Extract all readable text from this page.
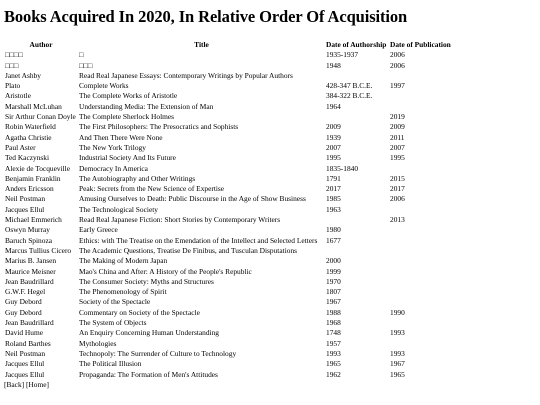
Books Acquired In 2020, In Relative Order Of Acquisition
Author	Title	Date of Authorship	Date of Publication
□□□□	□	1935-1937	2006
□□□	□□□	1948	2006
Janet Ashby	Read Real Japanese Essays: Contemporary Writings by Popular Authors		
Plato	Complete Works	428-347 B.C.E.	1997
Aristotle	The Complete Works of Aristotle	384-322 B.C.E.	
Marshall McLuhan	Understanding Media: The Extension of Man	1964	
Sir Arthur Conan Doyle	The Complete Sherlock Holmes		2019
Robin Waterfield	The First Philosophers: The Presocratics and Sophists	2009	2009
Agatha Christie	And Then There Were None	1939	2011
Paul Aster	The New York Trilogy	2007	2007
Ted Kaczynski	Industrial Society And Its Future	1995	1995
Alexie de Tocqueville	Democracy In America	1835-1840	
Benjamin Franklin	The Autobiography and Other Writings	1791	2015
Anders Ericsson	Peak: Secrets from the New Science of Expertise	2017	2017
Neil Postman	Amusing Ourselves to Death: Public Discourse in the Age of Show Business	1985	2006
Jacques Ellul	The Technological Society	1963	
Michael Emmerich	Read Real Japanese Fiction: Short Stories by Contemporary Writers		2013
Oswyn Murray	Early Greece	1980	
Baruch Spinoza	Ethics: with The Treatise on the Emendation of the Intellect and Selected Letters	1677	
Marcus Tullius Cicero	The Academic Questions, Treatise De Finibus, and Tusculan Disputations		
Marius B. Jansen	The Making of Modern Japan	2000	
Maurice Meisner	Mao's China and After: A History of the People's Republic	1999	
Jean Baudrillard	The Consumer Society: Myths and Structures	1970	
G.W.F. Hegel	The Phenomenology of Spirit	1807	
Guy Debord	Society of the Spectacle	1967	
Guy Debord	Commentary on Society of the Spectacle	1988	1990
Jean Baudrillard	The System of Objects	1968	
David Hume	An Enquiry Concerning Human Understanding	1748	1993
Roland Barthes	Mythologies	1957	
Neil Postman	Technopoly: The Surrender of Culture to Technology	1993	1993
Jacques Ellul	The Political Illusion	1965	1967
Jacques Ellul	Propaganda: The Formation of Men's Attitudes	1962	1965
[Back] [Home]
